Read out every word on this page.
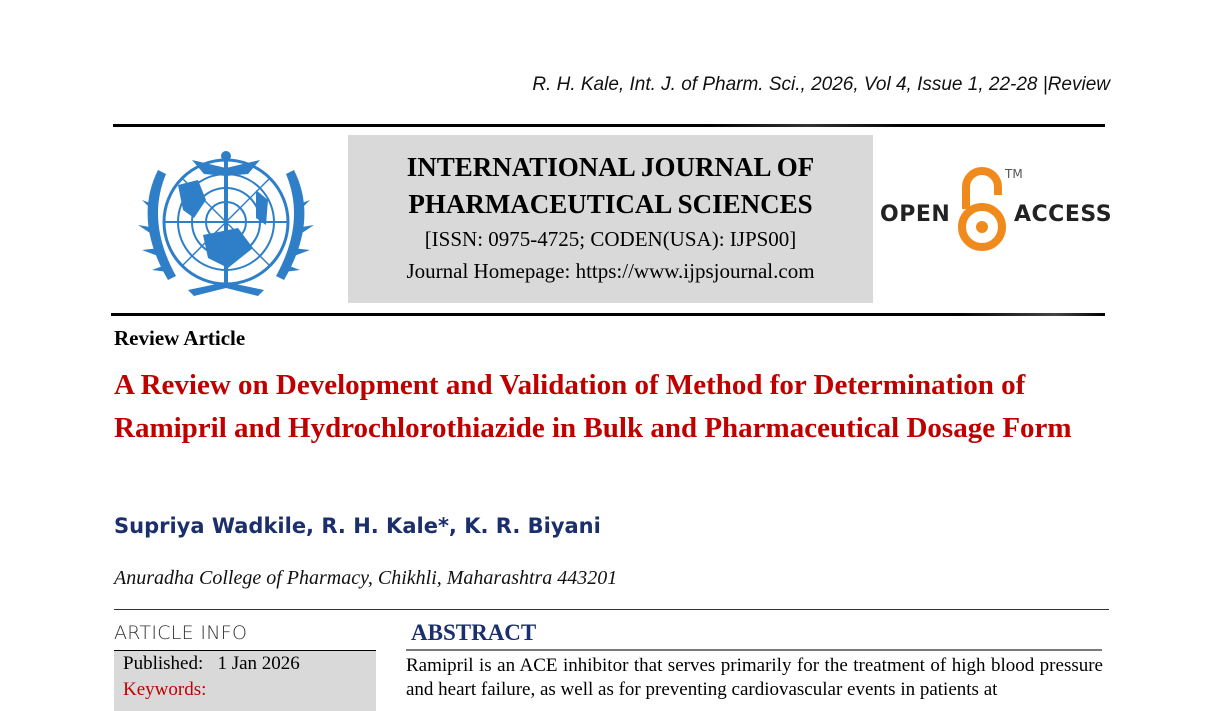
R. H. Kale, Int. J. of Pharm. Sci., 2026, Vol 4, Issue 1, 22-28 |Review
INTERNATIONAL JOURNAL OF
PHARMACEUTICAL SCIENCES
[ISSN: 0975-4725; CODEN(USA): IJPS00]
Journal Homepage: https://www.ijpsjournal.com
OPEN
TM
ACCESS
Review Article
A Review on Development and Validation of Method for Determination of Ramipril and Hydrochlorothiazide in Bulk and Pharmaceutical Dosage Form
Supriya Wadkile, R. H. Kale*, K. R. Biyani
Anuradha College of Pharmacy, Chikhli, Maharashtra 443201
ARTICLE INFO
Published: 1 Jan 2026
Keywords:
ABSTRACT
Ramipril is an ACE inhibitor that serves primarily for the treatment of high blood pressure and heart failure, as well as for preventing cardiovascular events in patients at
